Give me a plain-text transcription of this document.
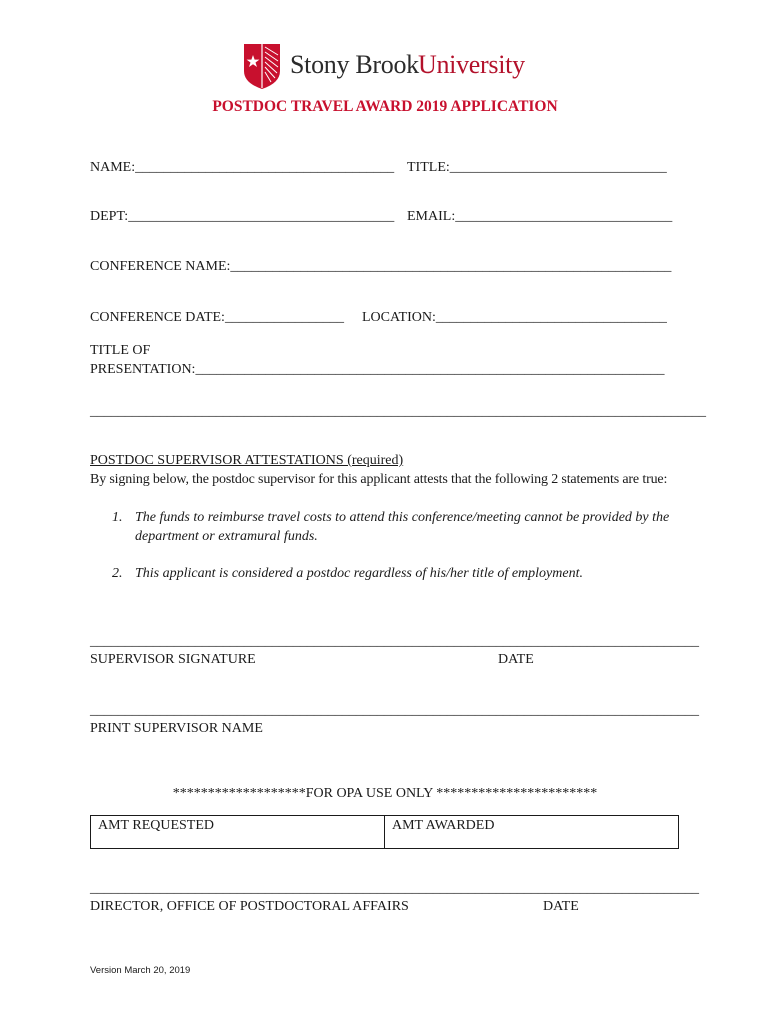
Stony Brook University
POSTDOC TRAVEL AWARD 2019 APPLICATION
NAME:_____________________________________ TITLE:_______________________________
DEPT:______________________________________ EMAIL:_______________________________
CONFERENCE NAME:_______________________________________________________________
CONFERENCE DATE:_________________ LOCATION:_________________________________
TITLE OF
PRESENTATION:___________________________________________________________________
________________________________________________________________________________________
POSTDOC SUPERVISOR ATTESTATIONS (required)
By signing below, the postdoc supervisor for this applicant attests that the following 2 statements are true:
1. The funds to reimburse travel costs to attend this conference/meeting cannot be provided by the
department or extramural funds.
2. This applicant is considered a postdoc regardless of his/her title of employment.
_______________________________________________________________________________________
SUPERVISOR SIGNATURE	DATE
_______________________________________________________________________________________
PRINT SUPERVISOR NAME
*******************FOR OPA USE ONLY ***********************
AMT REQUESTED	AMT AWARDED
_______________________________________________________________________________________
DIRECTOR, OFFICE OF POSTDOCTORAL AFFAIRS	DATE
Version March 20, 2019
